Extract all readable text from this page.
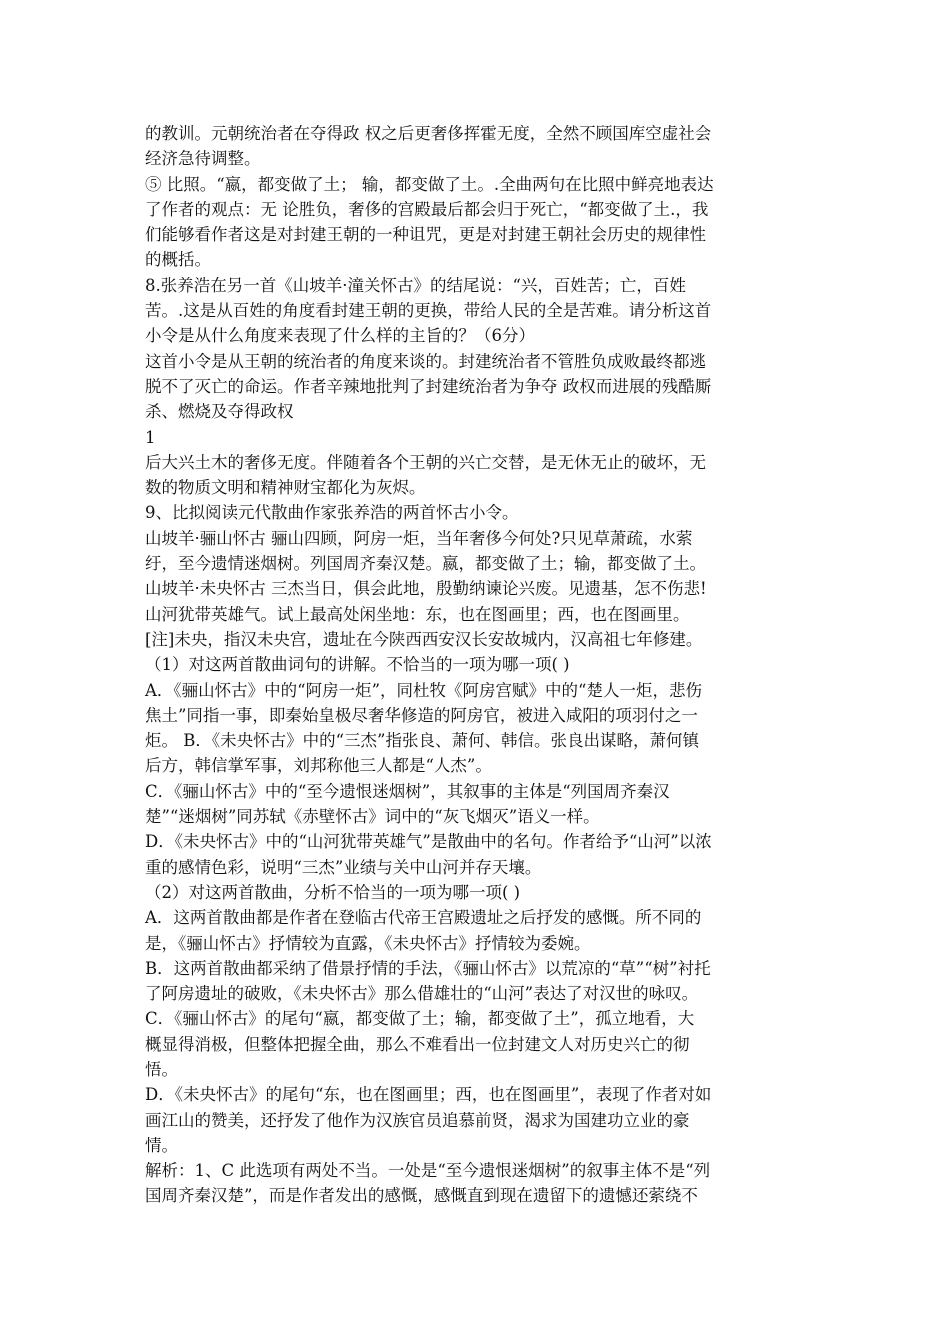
的教训。元朝统治者在夺得政 权之后更奢侈挥霍无度，全然不顾国库空虚社会
经济急待调整。
⑤ 比照。“嬴，都变做了土； 输，都变做了土。.全曲两句在比照中鲜亮地表达
了作者的观点：无 论胜负，奢侈的宫殿最后都会归于死亡，“都变做了土.，我
们能够看作者这是对封建王朝的一种诅咒，更是对封建王朝社会历史的规律性
的概括。
8.张养浩在另一首《山坡羊·潼关怀古》的结尾说：“兴，百姓苦；亡，百姓
苦。.这是从百姓的角度看封建王朝的更换，带给人民的全是苦难。请分析这首
小令是从什么角度来表现了什么样的主旨的？（6分）
这首小令是从王朝的统治者的角度来谈的。封建统治者不管胜负成败最终都逃
脱不了灭亡的命运。作者辛辣地批判了封建统治者为争夺 政权而进展的残酷厮
杀、燃烧及夺得政权
1
后大兴土木的奢侈无度。伴随着各个王朝的兴亡交替，是无休无止的破坏，无
数的物质文明和精神财宝都化为灰烬。
9、比拟阅读元代散曲作家张养浩的两首怀古小令。
山坡羊·骊山怀古 骊山四顾，阿房一炬，当年奢侈今何处?只见草萧疏，水萦
纡，至今遗情迷烟树。列国周齐秦汉楚。嬴，都变做了土；输，都变做了土。
山坡羊·未央怀古 三杰当日，俱会此地，殷勤纳谏论兴废。见遗基，怎不伤悲!
山河犹带英雄气。试上最高处闲坐地：东，也在图画里；西，也在图画里。
[注]未央，指汉未央宫，遗址在今陕西西安汉长安故城内，汉高祖七年修建。
（1）对这两首散曲词句的讲解。不恰当的一项为哪一项( )
A．《骊山怀古》中的“阿房一炬”，同杜牧《阿房宫赋》中的“楚人一炬，悲伤
焦土”同指一事，即秦始皇极尽奢华修造的阿房官，被进入咸阳的项羽付之一
炬。 B．《未央怀古》中的“三杰”指张良、萧何、韩信。张良出谋略，萧何镇
后方，韩信掌军事，刘邦称他三人都是“人杰”。
C．《骊山怀古》中的“至今遗恨迷烟树”，其叙事的主体是“列国周齐秦汉
楚”“迷烟树”同苏轼《赤壁怀古》词中的“灰飞烟灭”语义一样。
D．《未央怀古》中的“山河犹带英雄气”是散曲中的名句。作者给予“山河”以浓
重的感情色彩，说明“三杰”业绩与关中山河并存天壤。
（2）对这两首散曲，分析不恰当的一项为哪一项( )
A．这两首散曲都是作者在登临古代帝王宫殿遗址之后抒发的感慨。所不同的
是，《骊山怀古》抒情较为直露，《未央怀古》抒情较为委婉。
B．这两首散曲都采纳了借景抒情的手法，《骊山怀古》以荒凉的“草”“树”衬托
了阿房遗址的破败，《未央怀古》那么借雄壮的“山河”表达了对汉世的咏叹。
C．《骊山怀古》的尾句“嬴，都变做了土；输，都变做了土”，孤立地看，大
概显得消极，但整体把握全曲，那么不难看出一位封建文人对历史兴亡的彻
悟。
D．《未央怀古》的尾句“东，也在图画里；西，也在图画里”，表现了作者对如
画江山的赞美，还抒发了他作为汉族官员追慕前贤，渴求为国建功立业的豪
情。
解析：1、C 此选项有两处不当。一处是“至今遗恨迷烟树”的叙事主体不是“列
国周齐秦汉楚”，而是作者发出的感慨，感慨直到现在遗留下的遗憾还萦绕不
